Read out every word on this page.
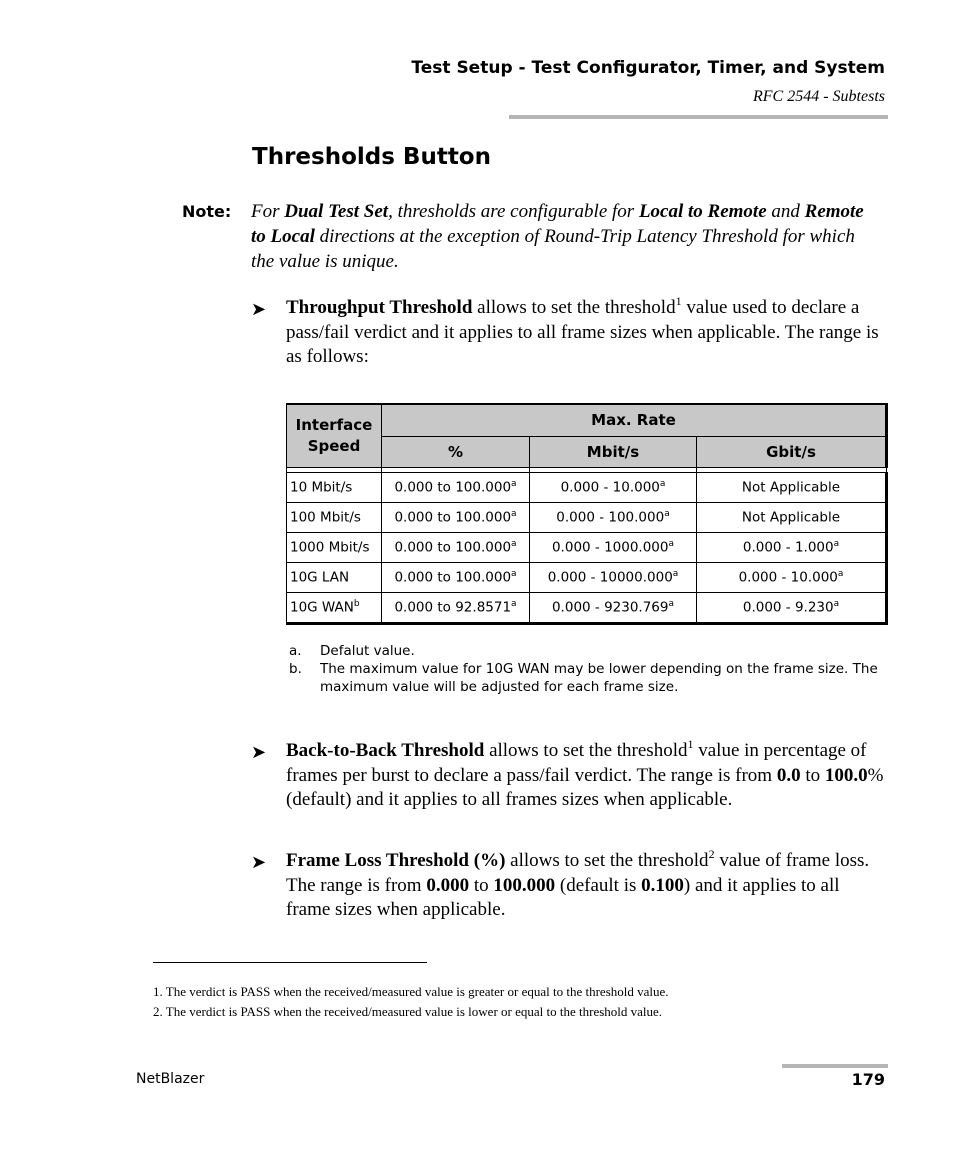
Test Setup - Test Configurator, Timer, and System
RFC 2544 - Subtests
Thresholds Button
Note: For Dual Test Set, thresholds are configurable for Local to Remote and Remote to Local directions at the exception of Round-Trip Latency Threshold for which the value is unique.
➤ Throughput Threshold allows to set the threshold$^1$ value used to declare a pass/fail verdict and it applies to all frame sizes when applicable. The range is as follows:
Interface Speed	Max. Rate		
	%	Mbit/s	Gbit/s

10 Mbit/s	0.000 to 100.000$^a$	0.000 - 10.000$^a$	Not Applicable
100 Mbit/s	0.000 to 100.000$^a$	0.000 - 100.000$^a$	Not Applicable
1000 Mbit/s	0.000 to 100.000$^a$	0.000 - 1000.000$^a$	0.000 - 1.000$^a$
10G LAN	0.000 to 100.000$^a$	0.000 - 10000.000$^a$	0.000 - 10.000$^a$
10G WAN$^b$	0.000 to 92.8571$^a$	0.000 - 9230.769$^a$	0.000 - 9.230$^a$
a. Defalut value.
b. The maximum value for 10G WAN may be lower depending on the frame size. The maximum value will be adjusted for each frame size.
➤ Back-to-Back Threshold allows to set the threshold$^1$ value in percentage of frames per burst to declare a pass/fail verdict. The range is from 0.0 to 100.0% (default) and it applies to all frames sizes when applicable.
➤ Frame Loss Threshold (%) allows to set the threshold$^2$ value of frame loss. The range is from 0.000 to 100.000 (default is 0.100) and it applies to all frame sizes when applicable.
1. The verdict is PASS when the received/measured value is greater or equal to the threshold value.
2. The verdict is PASS when the received/measured value is lower or equal to the threshold value.
NetBlazer	179
